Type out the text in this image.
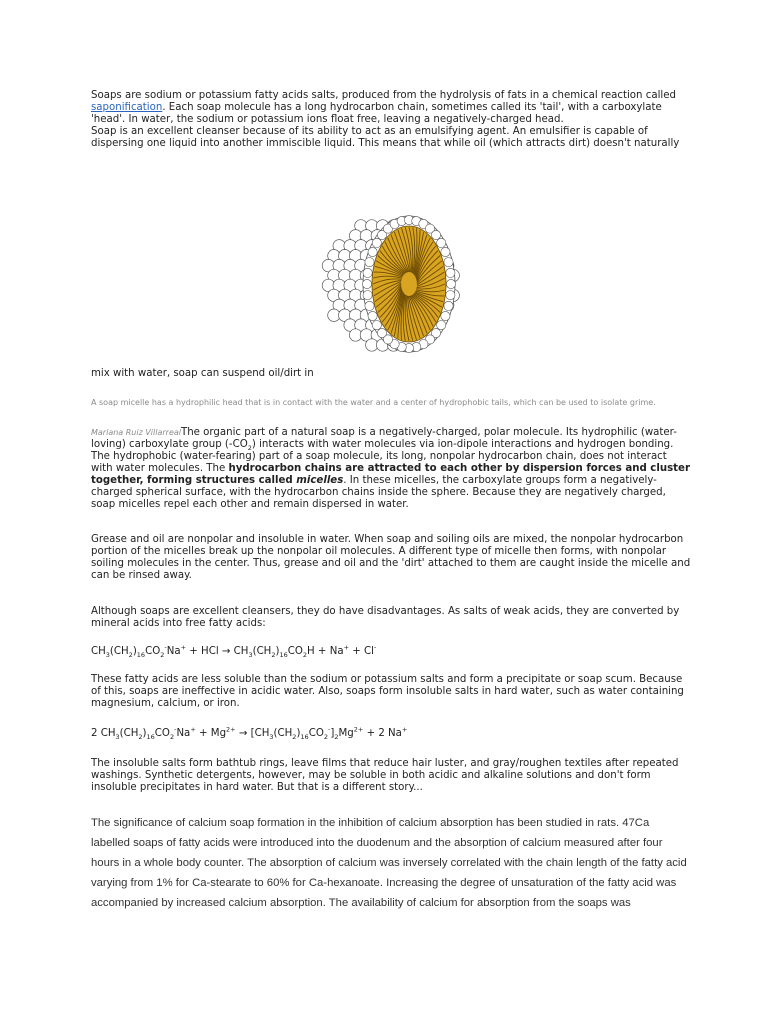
Soaps are sodium or potassium fatty acids salts, produced from the hydrolysis of fats in a chemical reaction called saponification. Each soap molecule has a long hydrocarbon chain, sometimes called its 'tail', with a carboxylate 'head'. In water, the sodium or potassium ions float free, leaving a negatively-charged head.

Soap is an excellent cleanser because of its ability to act as an emulsifying agent. An emulsifier is capable of dispersing one liquid into another immiscible liquid. This means that while oil (which attracts dirt) doesn't naturally

mix with water, soap can suspend oil/dirt in

A soap micelle has a hydrophilic head that is in contact with the water and a center of hydrophobic tails, which can be used to isolate grime.

Mariana Ruiz VillarrealThe organic part of a natural soap is a negatively-charged, polar molecule. Its hydrophilic (water-loving) carboxylate group $(-CO_2)$ interacts with water molecules via ion-dipole interactions and hydrogen bonding. The hydrophobic (water-fearing) part of a soap molecule, its long, nonpolar hydrocarbon chain, does not interact with water molecules. The hydrocarbon chains are attracted to each other by dispersion forces and cluster together, forming structures called micelles. In these micelles, the carboxylate groups form a negatively-charged spherical surface, with the hydrocarbon chains inside the sphere. Because they are negatively charged, soap micelles repel each other and remain dispersed in water.

Grease and oil are nonpolar and insoluble in water. When soap and soiling oils are mixed, the nonpolar hydrocarbon portion of the micelles break up the nonpolar oil molecules. A different type of micelle then forms, with nonpolar soiling molecules in the center. Thus, grease and oil and the 'dirt' attached to them are caught inside the micelle and can be rinsed away.

Although soaps are excellent cleansers, they do have disadvantages. As salts of weak acids, they are converted by mineral acids into free fatty acids:

$CH_3(CH_2)_{16}CO_2^-Na^+$ + HCl → $CH_3(CH_2)_{16}CO_2H + Na^+ + Cl^-$

These fatty acids are less soluble than the sodium or potassium salts and form a precipitate or soap scum. Because of this, soaps are ineffective in acidic water. Also, soaps form insoluble salts in hard water, such as water containing magnesium, calcium, or iron.

2 $CH_3(CH_2)_{16}CO_2^-Na^+ + Mg^{2+} \to [CH_3(CH_2)_{16}CO_2^-]_2Mg^{2+} + 2$ Na+

The insoluble salts form bathtub rings, leave films that reduce hair luster, and gray/roughen textiles after repeated washings. Synthetic detergents, however, may be soluble in both acidic and alkaline solutions and don't form insoluble precipitates in hard water. But that is a different story...

The significance of calcium soap formation in the inhibition of calcium absorption has been studied in rats. 47Ca labelled soaps of fatty acids were introduced into the duodenum and the absorption of calcium measured after four hours in a whole body counter. The absorption of calcium was inversely correlated with the chain length of the fatty acid varying from 1% for Ca-stearate to 60% for Ca-hexanoate. Increasing the degree of unsaturation of the fatty acid was accompanied by increased calcium absorption. The availability of calcium for absorption from the soaps was
